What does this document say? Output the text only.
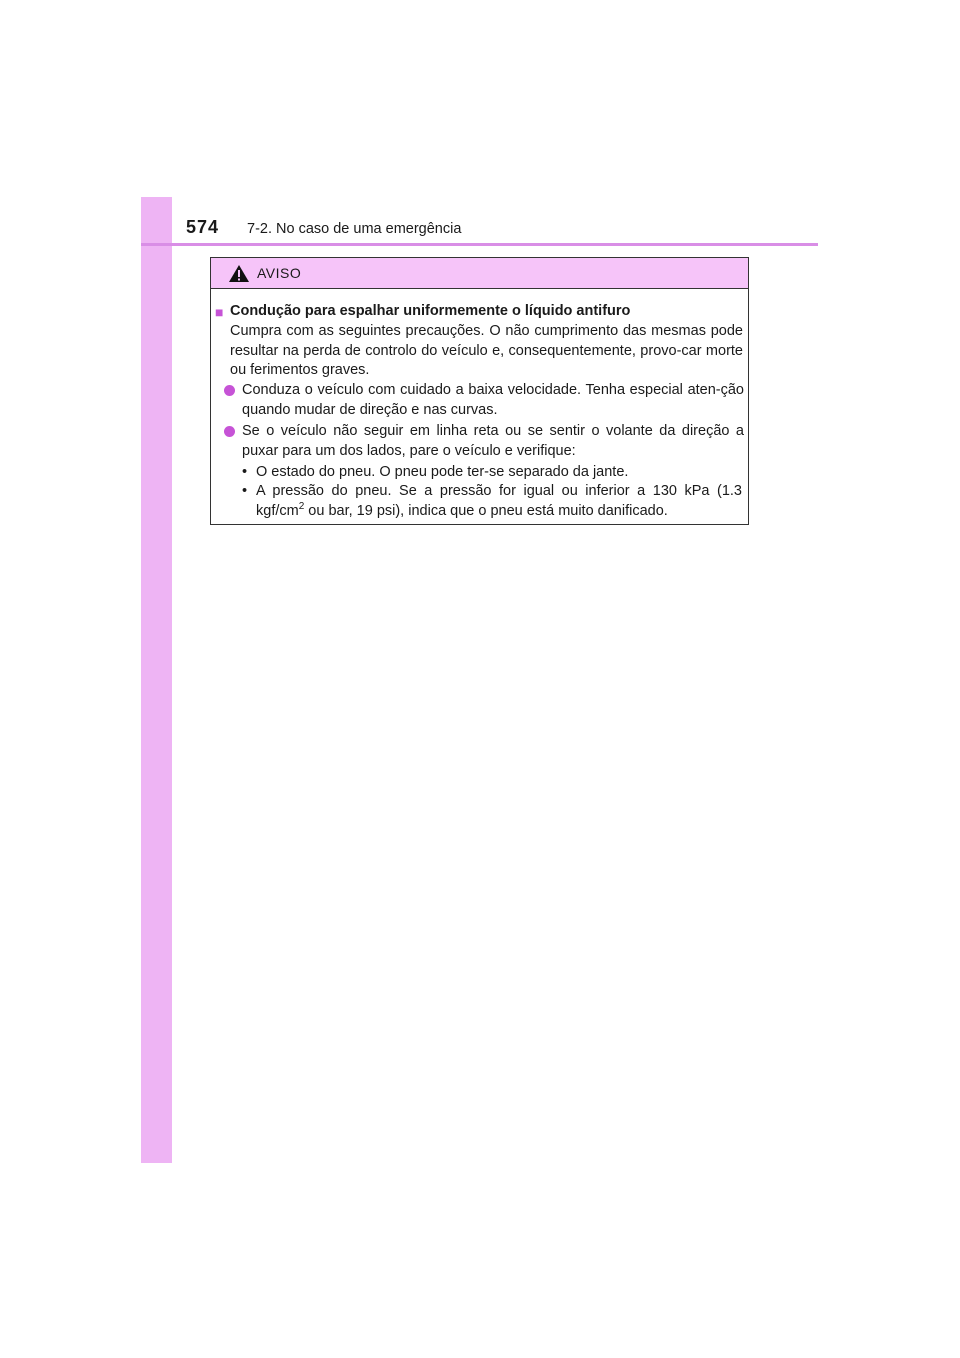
574 7-2. No caso de uma emergência
AVISO
■ Condução para espalhar uniformemente o líquido antifuro
Cumpra com as seguintes precauções. O não cumprimento das mesmas pode resultar na perda de controlo do veículo e, consequentemente, provo-car morte ou ferimentos graves.
Conduza o veículo com cuidado a baixa velocidade. Tenha especial aten-ção quando mudar de direção e nas curvas.
Se o veículo não seguir em linha reta ou se sentir o volante da direção a puxar para um dos lados, pare o veículo e verifique:
• O estado do pneu. O pneu pode ter-se separado da jante.
• A pressão do pneu. Se a pressão for igual ou inferior a 130 kPa (1.3 kgf/$cm^2$ ou bar, 19 psi), indica que o pneu está muito danificado.
